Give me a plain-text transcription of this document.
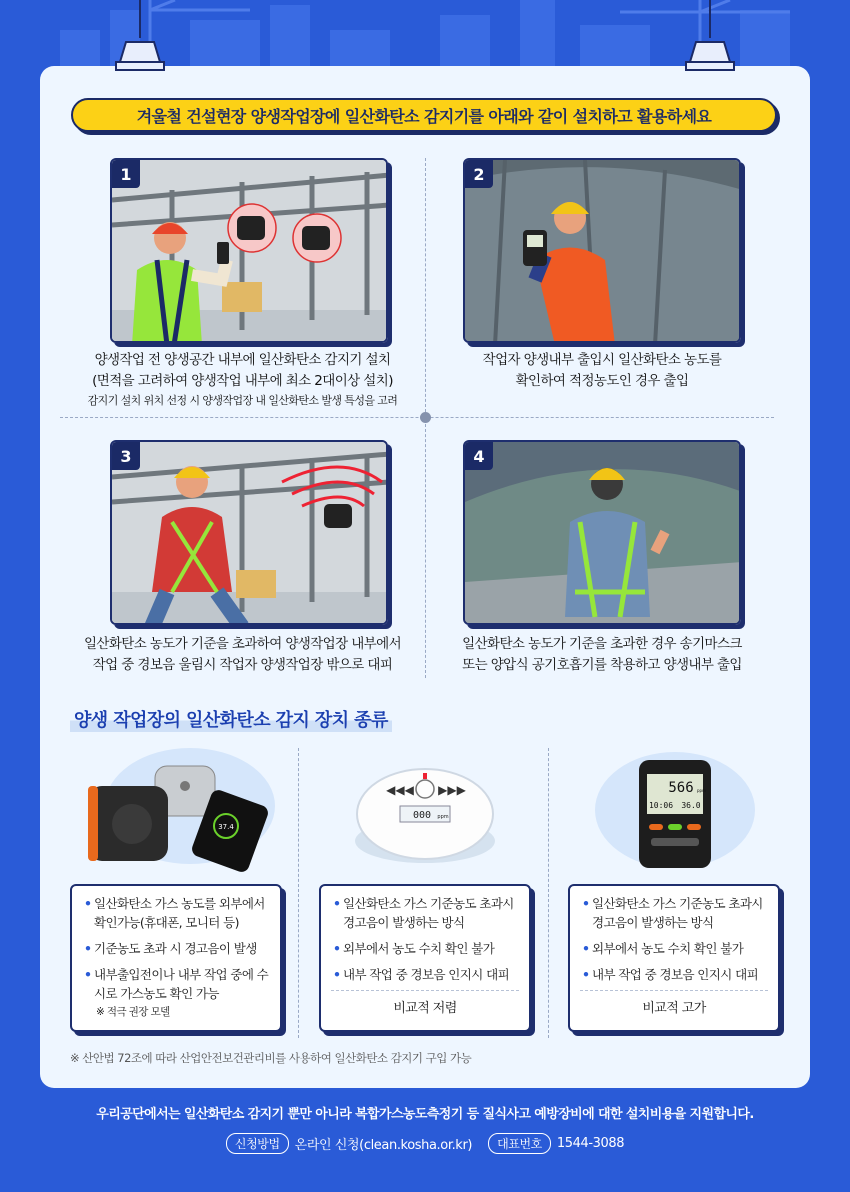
겨울철 건설현장 양생작업장에 일산화탄소 감지기를 아래와 같이 설치하고 활용하세요
1
양생작업 전 양생공간 내부에 일산화탄소 감지기 설치
(면적을 고려하여 양생작업 내부에 최소 2대이상 설치)
감지기 설치 위치 선정 시 양생작업장 내 일산화탄소 발생 특성을 고려
2
작업자 양생내부 출입시 일산화탄소 농도를
확인하여 적정농도인 경우 출입
3
일산화탄소 농도가 기준을 초과하여 양생작업장 내부에서
작업 중 경보음 울림시 작업자 양생작업장 밖으로 대피
4
일산화탄소 농도가 기준을 초과한 경우 송기마스크
또는 양압식 공기호흡기를 착용하고 양생내부 출입
양생 작업장의 일산화탄소 감지 장치 종류
37.4
◀◀◀ ▶▶▶
000 ppm
566 ppm
10:06 36.0
• 일산화탄소 가스 농도를 외부에서 확인가능(휴대폰, 모니터 등)
• 기준농도 초과 시 경고음이 발생
• 내부출입전이나 내부 작업 중에 수시로 가스농도 확인 가능
※ 적극 권장 모델
• 일산화탄소 가스 기준농도 초과시 경고음이 발생하는 방식
• 외부에서 농도 수치 확인 불가
• 내부 작업 중 경보음 인지시 대피
비교적 저렴
• 일산화탄소 가스 기준농도 초과시 경고음이 발생하는 방식
• 외부에서 농도 수치 확인 불가
• 내부 작업 중 경보음 인지시 대피
비교적 고가
※ 산안법 72조에 따라 산업안전보건관리비를 사용하여 일산화탄소 감지기 구입 가능
우리공단에서는 일산화탄소 감지기 뿐만 아니라 복합가스농도측정기 등 질식사고 예방장비에 대한 설치비용을 지원합니다.
신청방법	온라인 신청(clean.kosha.or.kr)	대표번호	1544-3088
